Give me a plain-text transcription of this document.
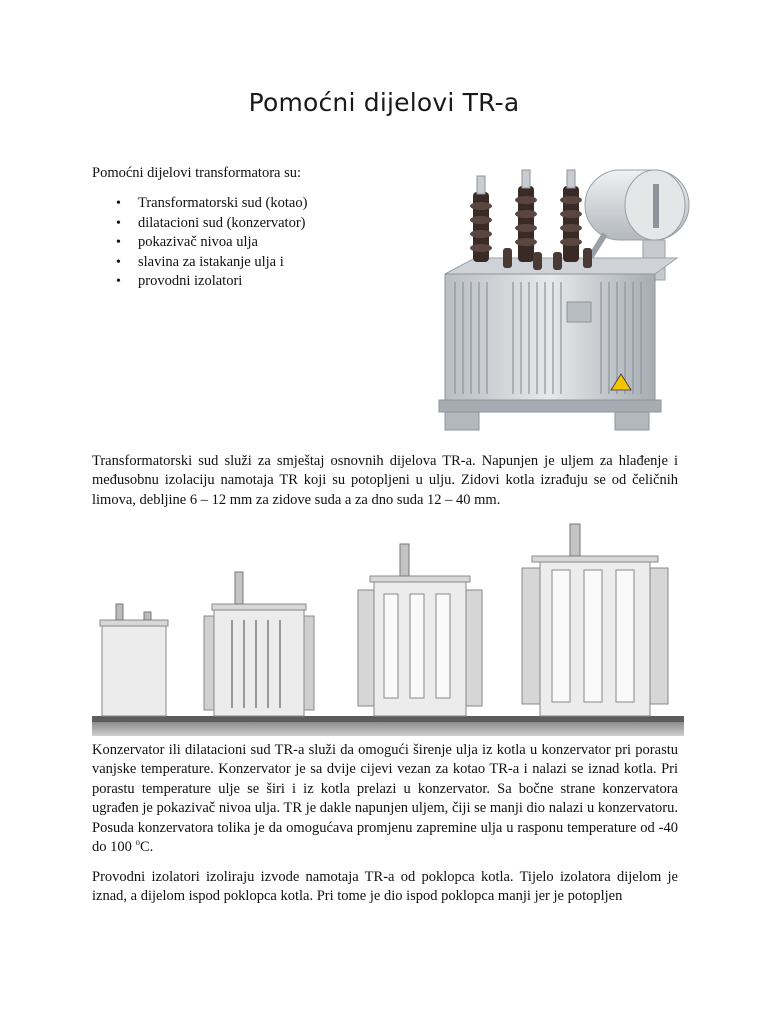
Pomoćni dijelovi TR-a
Pomoćni dijelovi transformatora su:
• Transformatorski sud (kotao)
• dilatacioni sud (konzervator)
• pokazivač nivoa ulja
• slavina za istakanje ulja i
• provodni izolatori

Transformatorski sud služi za smještaj osnovnih dijelova TR-a. Napunjen je uljem za hlađenje i međusobnu izolaciju namotaja TR koji su potopljeni u ulju. Zidovi kotla izrađuju se od čeličnih limova, debljine 6 – 12 mm za zidove suda a za dno suda 12 – 40 mm.

Konzervator ili dilatacioni sud TR-a služi da omogući širenje ulja iz kotla u konzervator pri porastu vanjske temperature. Konzervator je sa dvije cijevi vezan za kotao TR-a i nalazi se iznad kotla. Pri porastu temperature ulje se širi i iz kotla prelazi u konzervator. Sa bočne strane konzervatora ugrađen je pokazivač nivoa ulja. TR je dakle napunjen uljem, čiji se manji dio nalazi u konzervatoru. Posuda konzervatora tolika je da omogućava promjenu zapremine ulja u rasponu temperature od -40 do 100 $^o$C.

Provodni izolatori izoliraju izvode namotaja TR-a od poklopca kotla. Tijelo izolatora dijelom je iznad, a dijelom ispod poklopca kotla. Pri tome je dio ispod poklopca manji jer je potopljen
